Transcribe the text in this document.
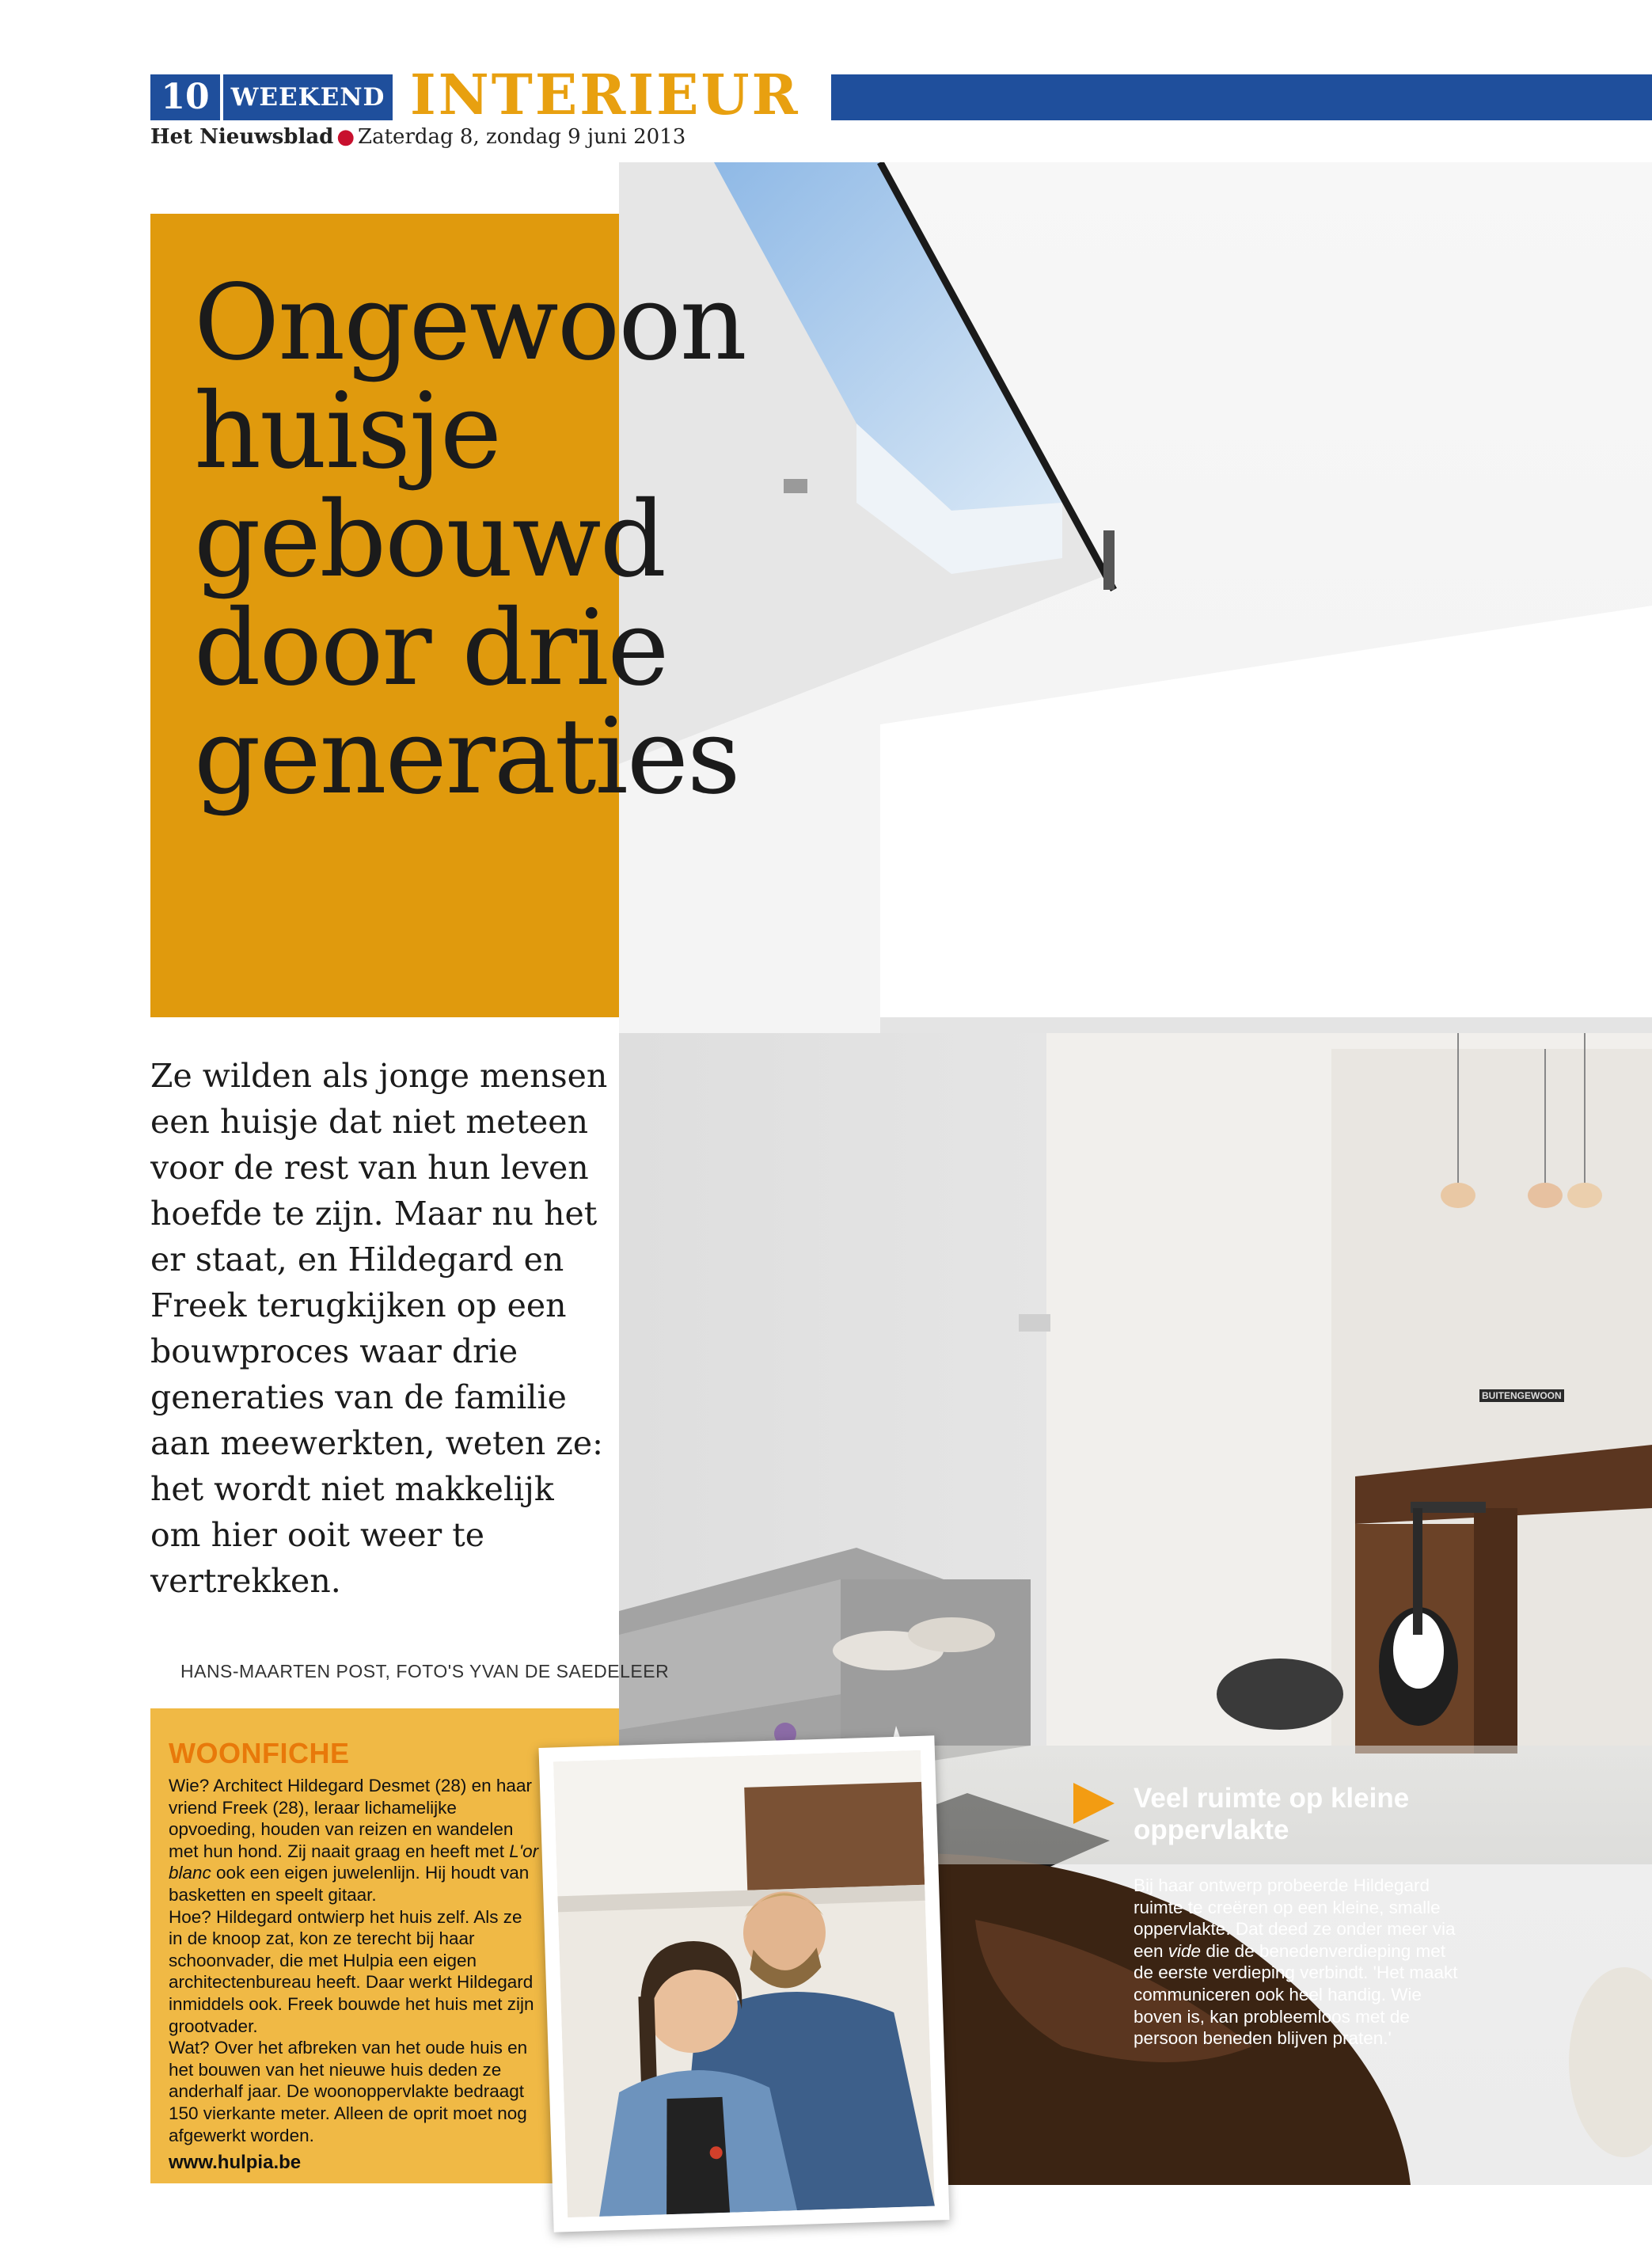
10 WEEKEND INTERIEUR
Het Nieuwsblad ● Zaterdag 8, zondag 9 juni 2013
BUITENGEWOON
Ongewoon huisje gebouwd door drie generaties

Ze wilden als jonge mensen een huisje dat niet meteen voor de rest van hun leven hoefde te zijn. Maar nu het er staat, en Hildegard en Freek terugkijken op een bouwproces waar drie generaties van de familie aan meewerkten, weten ze: het wordt niet makkelijk om hier ooit weer te vertrekken.

HANS-MAARTEN POST, FOTO'S YVAN DE SAEDELEER
WOONFICHE

Wie? Architect Hildegard Desmet (28) en haar vriend Freek (28), leraar lichamelijke opvoeding, houden van reizen en wandelen met hun hond. Zij naait graag en heeft met L'or blanc ook een eigen juwelenlijn. Hij houdt van basketten en speelt gitaar.

Hoe? Hildegard ontwierp het huis zelf. Als ze in de knoop zat, kon ze terecht bij haar schoonvader, die met Hulpia een eigen architectenbureau heeft. Daar werkt Hildegard inmiddels ook. Freek bouwde het huis met zijn grootvader.

Wat? Over het afbreken van het oude huis en het bouwen van het nieuwe huis deden ze anderhalf jaar. De woonoppervlakte bedraagt 150 vierkante meter. Alleen de oprit moet nog afgewerkt worden.

www.hulpia.be
Veel ruimte op kleine oppervlakte

Bij haar ontwerp probeerde Hildegard ruimte te creëren op een kleine, smalle oppervlakte. Dat deed ze onder meer via een vide die de benedenverdieping met de eerste verdieping verbindt. 'Het maakt communiceren ook heel handig. Wie boven is, kan probleemloos met de persoon beneden blijven praten.'
